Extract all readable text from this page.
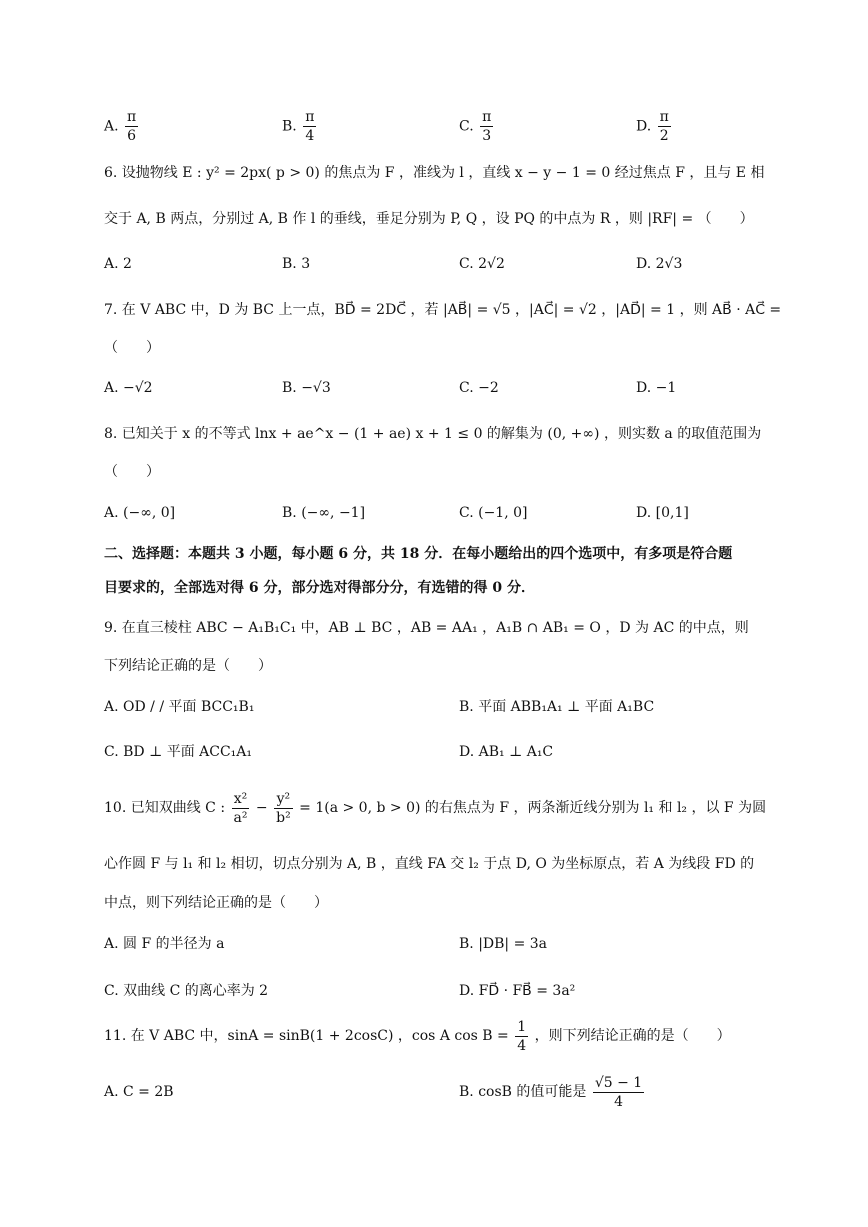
A. $\frac{\pi}{6}$	B. $\frac{\pi}{4}$	C. $\frac{\pi}{3}$	D. $\frac{\pi}{2}$
6. 设抛物线 E : y² = 2px( p > 0) 的焦点为 F ，准线为 l ，直线 x − y − 1 = 0 经过焦点 F ，且与 E 相
交于 A, B 两点，分别过 A, B 作 l 的垂线，垂足分别为 P, Q ，设 PQ 的中点为 R ，则 |RF| = （　　）
A. 2	B. 3	C. 2√2	D. 2√3
7. 在 V ABC 中，D 为 BC 上一点，BD⃗ = 2DC⃗ ，若 |AB⃗| = √5 ，|AC⃗| = √2 ，|AD⃗| = 1 ，则 AB⃗ · AC⃗ =
（　　）
A. −√2	B. −√3	C. −2	D. −1
8. 已知关于 x 的不等式 lnx + ae^x − (1 + ae) x + 1 ≤ 0 的解集为 (0, +∞) ，则实数 a 的取值范围为
（　　）
A. (−∞, 0]	B. (−∞, −1]	C. (−1, 0]	D. [0,1]
二、选择题：本题共 3 小题，每小题 6 分，共 18 分．在每小题给出的四个选项中，有多项是符合题
目要求的，全部选对得 6 分，部分选对得部分分，有选错的得 0 分．
9. 在直三棱柱 ABC − A₁B₁C₁ 中，AB ⊥ BC ，AB = AA₁ ，A₁B ∩ AB₁ = O ，D 为 AC 的中点，则
下列结论正确的是（　　）
A. OD / / 平面 BCC₁B₁	B. 平面 ABB₁A₁ ⊥ 平面 A₁BC
C. BD ⊥ 平面 ACC₁A₁	D. AB₁ ⊥ A₁C
10. 已知双曲线 C : $\frac{\text{x²}}{\text{a²}} - \frac{\text{y²}}{\text{b²}} = 1(a > 0$, b > 0) 的右焦点为 F ，两条渐近线分别为 l₁ 和 l₂ ，以 F 为圆
心作圆 F 与 l₁ 和 l₂ 相切，切点分别为 A, B ，直线 FA 交 l₂ 于点 D, O 为坐标原点，若 A 为线段 FD 的
中点，则下列结论正确的是（　　）
A. 圆 F 的半径为 a	B. |DB| = 3a
C. 双曲线 C 的离心率为 2	D. FD⃗ · FB⃗ = 3a²
11. 在 V ABC 中，sinA = sinB(1 + 2cosC) ，cos A $\cos B = \frac{1}{4}$ ，则下列结论正确的是（　　）
A. C = 2B	B. cosB 的值可能是 $\frac{√5 - 1}{4}$
